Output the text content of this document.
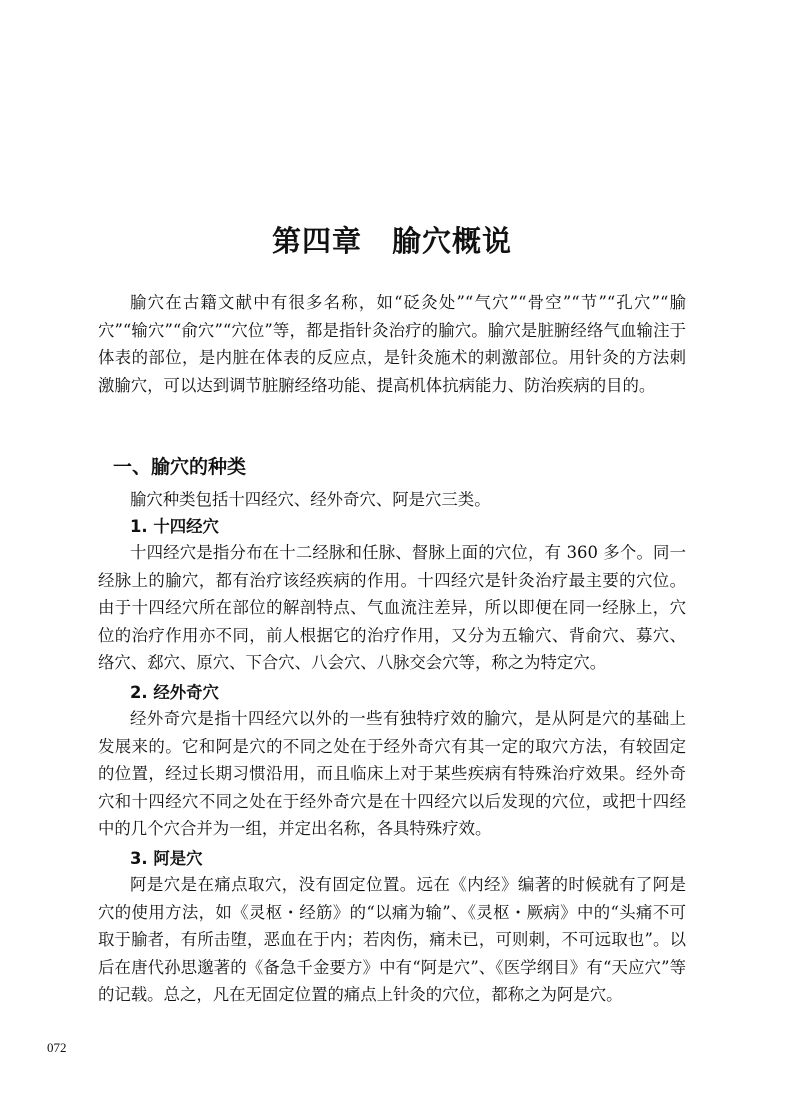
第四章　腧穴概说

腧穴在古籍文献中有很多名称，如“砭灸处”“气穴”“骨空”“节”“孔穴”“腧穴”“输穴”“俞穴”“穴位”等，都是指针灸治疗的腧穴。腧穴是脏腑经络气血输注于体表的部位，是内脏在体表的反应点，是针灸施术的刺激部位。用针灸的方法刺激腧穴，可以达到调节脏腑经络功能、提高机体抗病能力、防治疾病的目的。

一、腧穴的种类

腧穴种类包括十四经穴、经外奇穴、阿是穴三类。

1. 十四经穴

十四经穴是指分布在十二经脉和任脉、督脉上面的穴位，有 360 多个。同一经脉上的腧穴，都有治疗该经疾病的作用。十四经穴是针灸治疗最主要的穴位。由于十四经穴所在部位的解剖特点、气血流注差异，所以即便在同一经脉上，穴位的治疗作用亦不同，前人根据它的治疗作用，又分为五输穴、背俞穴、募穴、络穴、郄穴、原穴、下合穴、八会穴、八脉交会穴等，称之为特定穴。

2. 经外奇穴

经外奇穴是指十四经穴以外的一些有独特疗效的腧穴，是从阿是穴的基础上发展来的。它和阿是穴的不同之处在于经外奇穴有其一定的取穴方法，有较固定的位置，经过长期习惯沿用，而且临床上对于某些疾病有特殊治疗效果。经外奇穴和十四经穴不同之处在于经外奇穴是在十四经穴以后发现的穴位，或把十四经中的几个穴合并为一组，并定出名称，各具特殊疗效。

3. 阿是穴

阿是穴是在痛点取穴，没有固定位置。远在《内经》编著的时候就有了阿是穴的使用方法，如《灵枢・经筋》的“以痛为输”、《灵枢・厥病》中的“头痛不可取于腧者，有所击堕，恶血在于内；若肉伤，痛未已，可则刺，不可远取也”。以后在唐代孙思邈著的《备急千金要方》中有“阿是穴”、《医学纲目》有“天应穴”等的记载。总之，凡在无固定位置的痛点上针灸的穴位，都称之为阿是穴。

072
